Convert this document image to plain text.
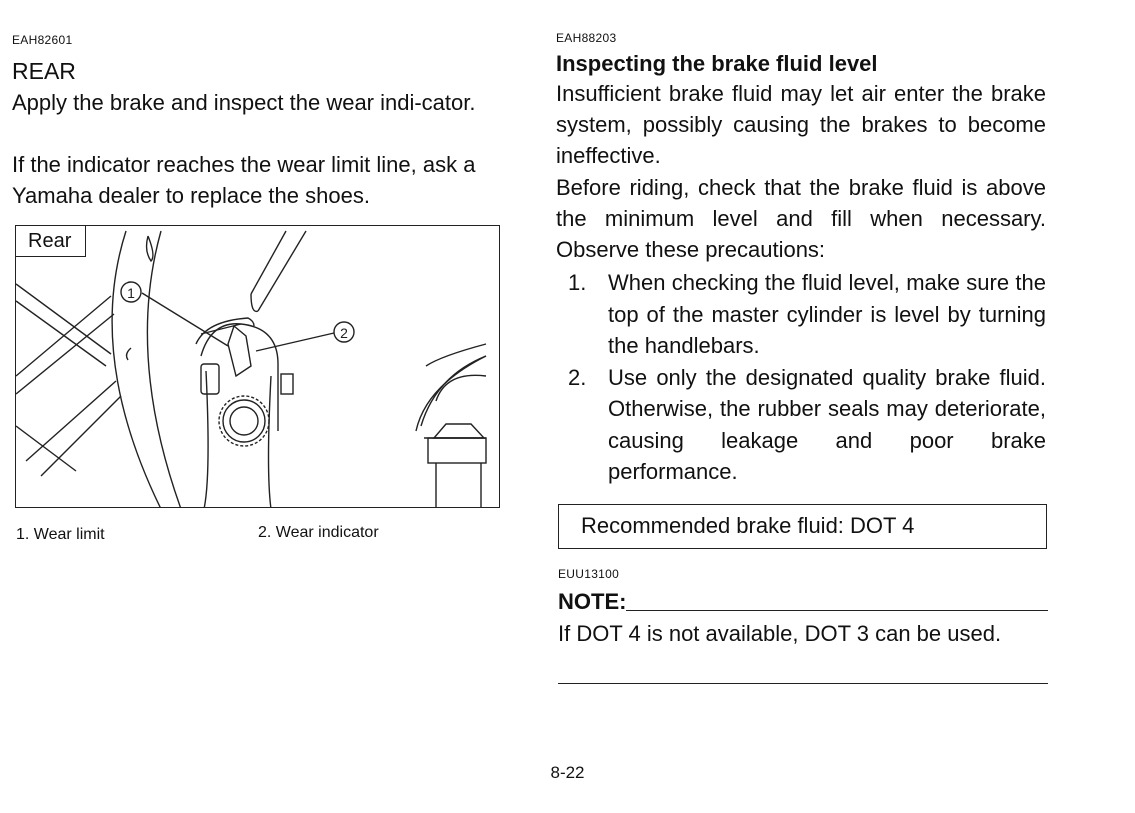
EAH82601
REAR

Apply the brake and inspect the wear indi-cator.

If the indicator reaches the wear limit line, ask a Yamaha dealer to replace the shoes.

1
2
Rear
1. Wear limit	2. Wear indicator
EAH88203
Inspecting the brake fluid level

Insufficient brake fluid may let air enter the brake system, possibly causing the brakes to become ineffective.

Before riding, check that the brake fluid is above the minimum level and fill when necessary. Observe these precautions:

1. When checking the fluid level, make sure the top of the master cylinder is level by turning the handlebars.
2. Use only the designated quality brake fluid. Otherwise, the rubber seals may deteriorate, causing leakage and poor brake performance.
Recommended brake fluid: DOT 4
EUU13100
NOTE:
If DOT 4 is not available, DOT 3 can be used.
8-22
